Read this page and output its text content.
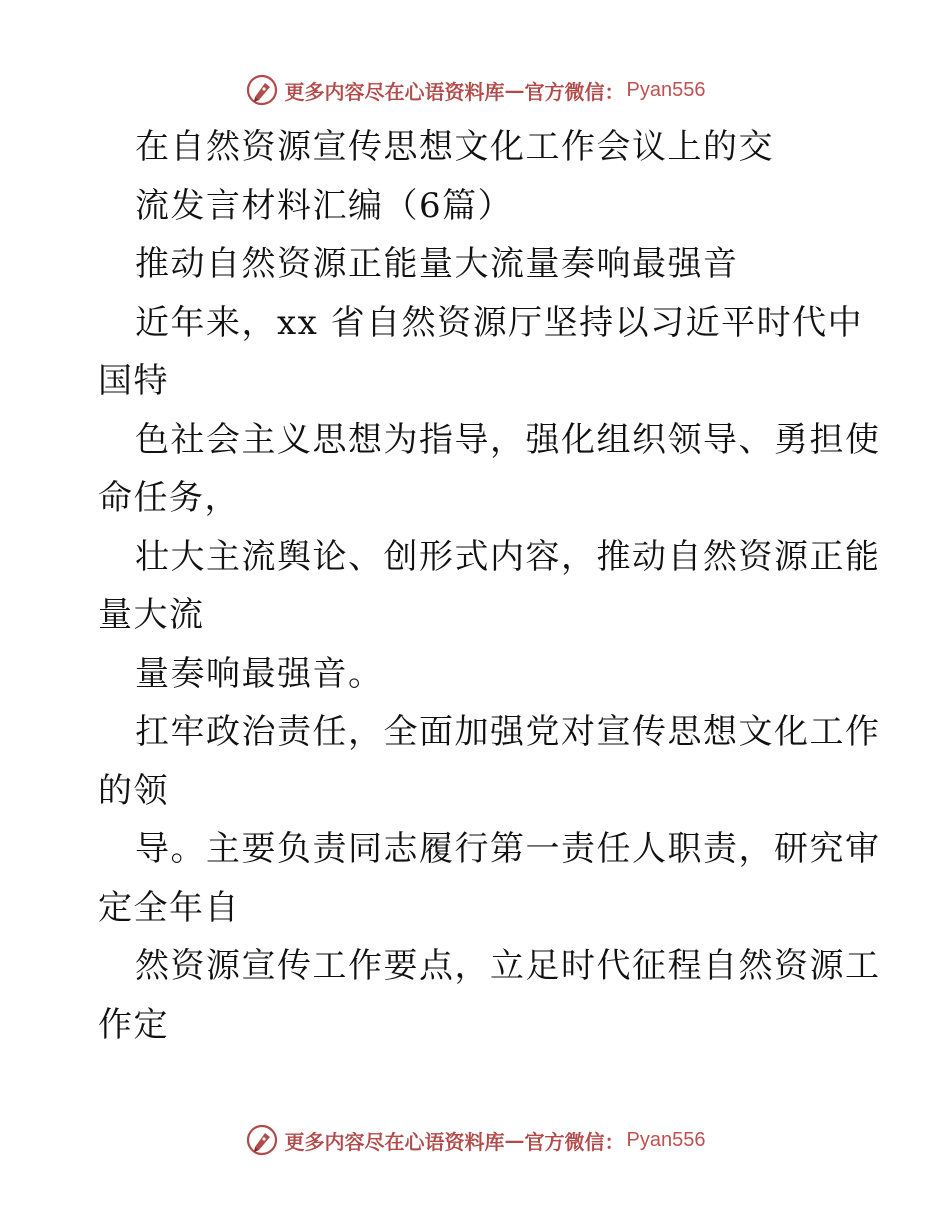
更多内容尽在心语资料库 — 官方微信： Pyan556
在自然资源宣传思想文化工作会议上的交
流发言材料汇编（6篇）
推动自然资源正能量大流量奏响最强音
近年来，xx 省自然资源厅坚持以习近平时代中
国特
色社会主义思想为指导，强化组织领导、勇担使
命任务，
壮大主流舆论、创形式内容，推动自然资源正能
量大流
量奏响最强音。
扛牢政治责任，全面加强党对宣传思想文化工作
的领
导。主要负责同志履行第一责任人职责，研究审
定全年自
然资源宣传工作要点，立足时代征程自然资源工
作定
更多内容尽在心语资料库 — 官方微信： Pyan556
